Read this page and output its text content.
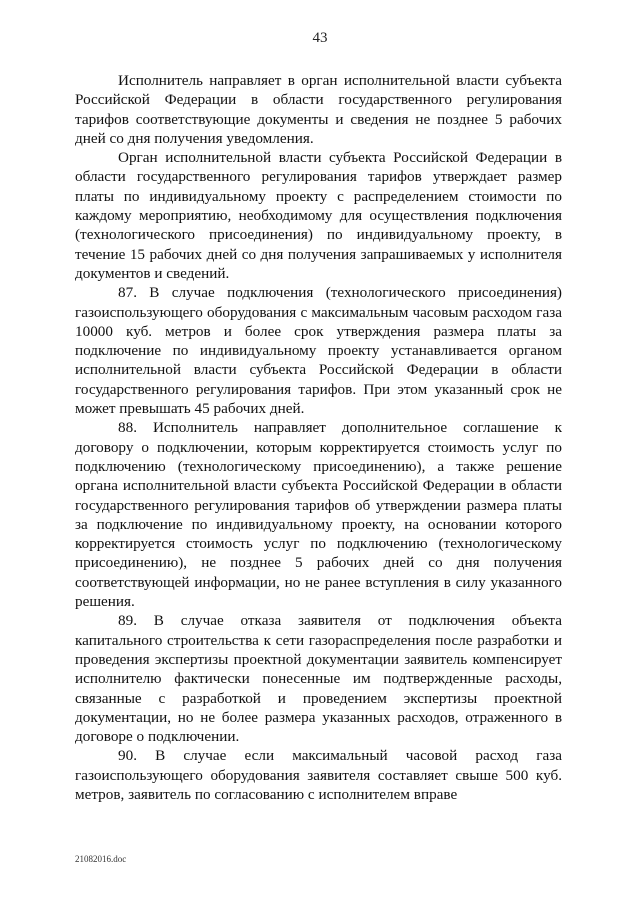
43

Исполнитель направляет в орган исполнительной власти субъекта Российской Федерации в области государственного регулирования тарифов соответствующие документы и сведения не позднее 5 рабочих дней со дня получения уведомления.

Орган исполнительной власти субъекта Российской Федерации в области государственного регулирования тарифов утверждает размер платы по индивидуальному проекту с распределением стоимости по каждому мероприятию, необходимому для осуществления подключения (технологического присоединения) по индивидуальному проекту, в течение 15 рабочих дней со дня получения запрашиваемых у исполнителя документов и сведений.

87. В случае подключения (технологического присоединения) газоиспользующего оборудования с максимальным часовым расходом газа 10000 куб. метров и более срок утверждения размера платы за подключение по индивидуальному проекту устанавливается органом исполнительной власти субъекта Российской Федерации в области государственного регулирования тарифов. При этом указанный срок не может превышать 45 рабочих дней.

88. Исполнитель направляет дополнительное соглашение к договору о подключении, которым корректируется стоимость услуг по подключению (технологическому присоединению), а также решение органа исполнительной власти субъекта Российской Федерации в области государственного регулирования тарифов об утверждении размера платы за подключение по индивидуальному проекту, на основании которого корректируется стоимость услуг по подключению (технологическому присоединению), не позднее 5 рабочих дней со дня получения соответствующей информации, но не ранее вступления в силу указанного решения.

89. В случае отказа заявителя от подключения объекта капитального строительства к сети газораспределения после разработки и проведения экспертизы проектной документации заявитель компенсирует исполнителю фактически понесенные им подтвержденные расходы, связанные с разработкой и проведением экспертизы проектной документации, но не более размера указанных расходов, отраженного в договоре о подключении.

90. В случае если максимальный часовой расход газа газоиспользующего оборудования заявителя составляет свыше 500 куб. метров, заявитель по согласованию с исполнителем вправе

21082016.doc
